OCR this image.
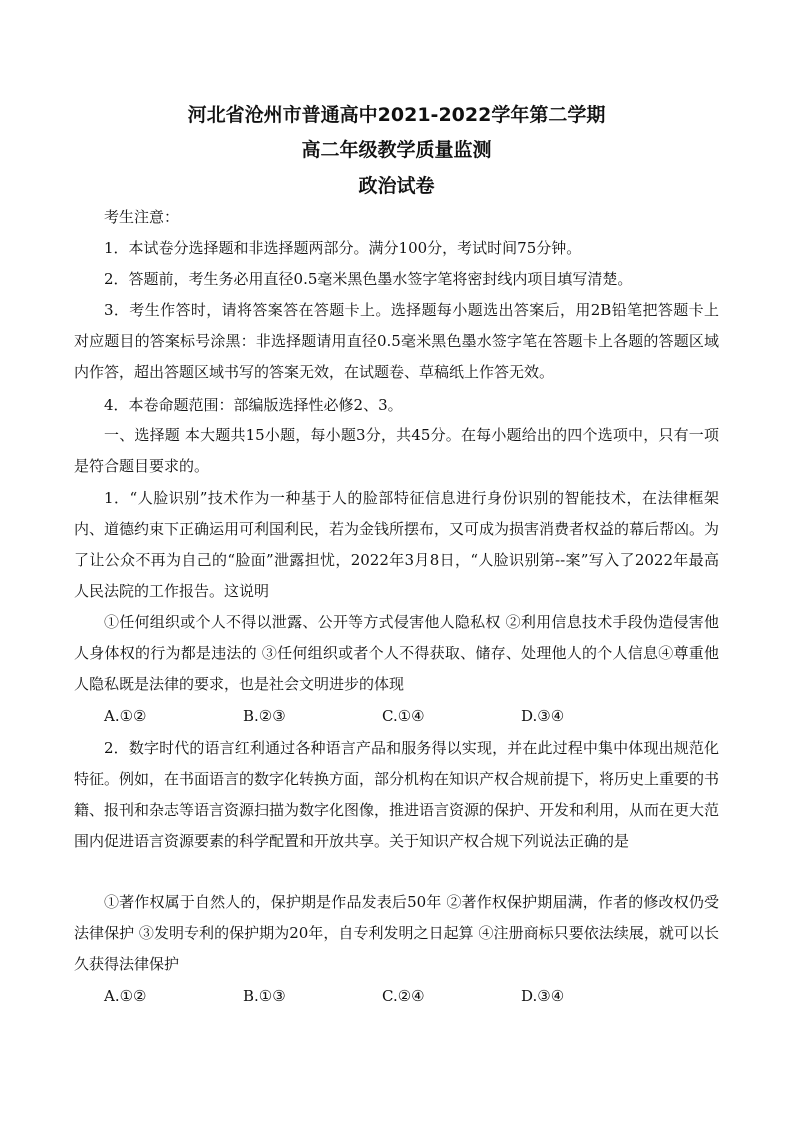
河北省沧州市普通高中2021-2022学年第二学期
高二年级教学质量监测
政治试卷
考生注意：
1．本试卷分选择题和非选择题两部分。满分100分，考试时间75分钟。
2．答题前，考生务必用直径0.5毫米黑色墨水签字笔将密封线内项目填写清楚。
3．考生作答时，请将答案答在答题卡上。选择题每小题选出答案后，用2B铅笔把答题卡上对应题目的答案标号涂黑：非选择题请用直径0.5毫米黑色墨水签字笔在答题卡上各题的答题区域内作答，超出答题区域书写的答案无效，在试题卷、草稿纸上作答无效。
4．本卷命题范围：部编版选择性必修2、3。
一、选择题 本大题共15小题，每小题3分，共45分。在每小题给出的四个选项中，只有一项是符合题目要求的。
1．“人脸识别”技术作为一种基于人的脸部特征信息进行身份识别的智能技术，在法律框架内、道德约束下正确运用可利国利民，若为金钱所摆布，又可成为损害消费者权益的幕后帮凶。为了让公众不再为自己的“脸面”泄露担忧，2022年3月8日，“人脸识别第--案”写入了2022年最高人民法院的工作报告。这说明
①任何组织或个人不得以泄露、公开等方式侵害他人隐私权 ②利用信息技术手段伪造侵害他人身体权的行为都是违法的 ③任何组织或者个人不得获取、储存、处理他人的个人信息④尊重他人隐私既是法律的要求，也是社会文明进步的体现
A.①②	B.②③	C.①④	D.③④
2．数字时代的语言红利通过各种语言产品和服务得以实现，并在此过程中集中体现出规范化特征。例如，在书面语言的数字化转换方面，部分机构在知识产权合规前提下，将历史上重要的书籍、报刊和杂志等语言资源扫描为数字化图像，推进语言资源的保护、开发和利用，从而在更大范围内促进语言资源要素的科学配置和开放共享。关于知识产权合规下列说法正确的是
①著作权属于自然人的，保护期是作品发表后50年 ②著作权保护期届满，作者的修改权仍受法律保护 ③发明专利的保护期为20年，自专利发明之日起算 ④注册商标只要依法续展，就可以长久获得法律保护
A.①②	B.①③	C.②④	D.③④
